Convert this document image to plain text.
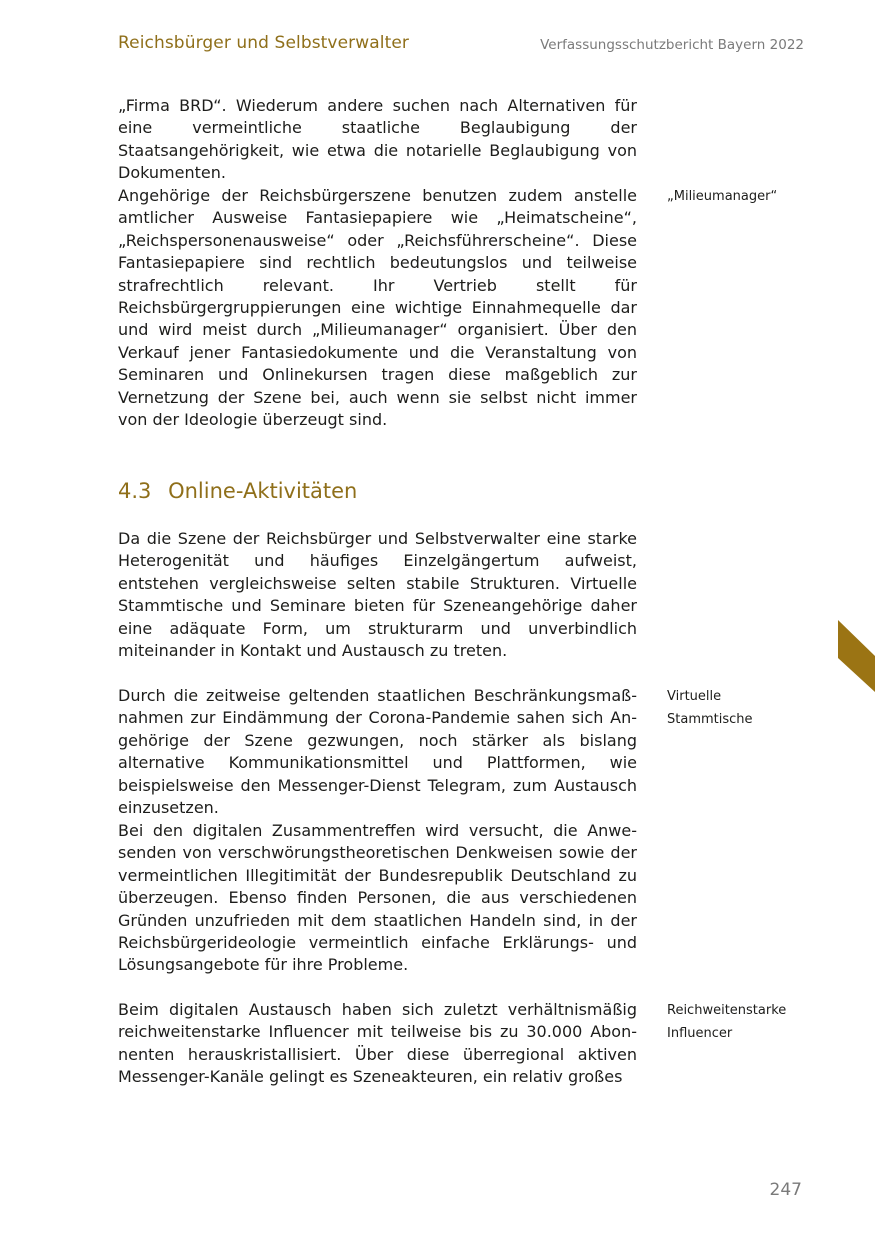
Reichsbürger und Selbstverwalter	Verfassungsschutzbericht Bayern 2022

„Firma BRD“. Wiederum andere suchen nach Alternativen für eine vermeintliche staatliche Beglaubigung der Staatsangehörigkeit, wie etwa die notarielle Beglaubigung von Dokumenten.

Angehörige der Reichsbürgerszene benutzen zudem anstelle amtlicher Ausweise Fantasiepapiere wie „Heimatscheine“, „Reichspersonenausweise“ oder „Reichsführerscheine“. Diese Fantasiepapiere sind rechtlich bedeutungslos und teilweise strafrechtlich relevant. Ihr Vertrieb stellt für Reichsbürgergruppierungen eine wichtige Einnahmequelle dar und wird meist durch „Milieumanager“ organisiert. Über den Verkauf jener Fantasiedokumente und die Veranstaltung von Seminaren und Onlinekursen tragen diese maßgeblich zur Vernetzung der Szene bei, auch wenn sie selbst nicht immer von der Ideologie überzeugt sind.

4.3 Online-Aktivitäten

Da die Szene der Reichsbürger und Selbstverwalter eine starke Heterogenität und häufiges Einzelgängertum aufweist, entstehen vergleichsweise selten stabile Strukturen. Virtuelle Stammtische und Seminare bieten für Szeneangehörige daher eine adäquate Form, um strukturarm und unverbindlich miteinander in Kontakt und Austausch zu treten.

Durch die zeitweise geltenden staatlichen Beschränkungsmaßnahmen zur Eindämmung der Corona-Pandemie sahen sich Angehörige der Szene gezwungen, noch stärker als bislang alternative Kommunikationsmittel und Plattformen, wie beispielsweise den Messenger-Dienst Telegram, zum Austausch einzusetzen.

Bei den digitalen Zusammentreffen wird versucht, die Anwesenden von verschwörungstheoretischen Denkweisen sowie der vermeintlichen Illegitimität der Bundesrepublik Deutschland zu überzeugen. Ebenso finden Personen, die aus verschiedenen Gründen unzufrieden mit dem staatlichen Handeln sind, in der Reichsbürgerideologie vermeintlich einfache Erklärungs- und Lösungsangebote für ihre Probleme.

Beim digitalen Austausch haben sich zuletzt verhältnismäßig reichweitenstarke Influencer mit teilweise bis zu 30.000 Abonnenten herauskristallisiert. Über diese überregional aktiven Messenger-Kanäle gelingt es Szeneakteuren, ein relativ großes

„Milieumanager“
Virtuelle
Stammtische
Reichweitenstarke
Influencer
247
